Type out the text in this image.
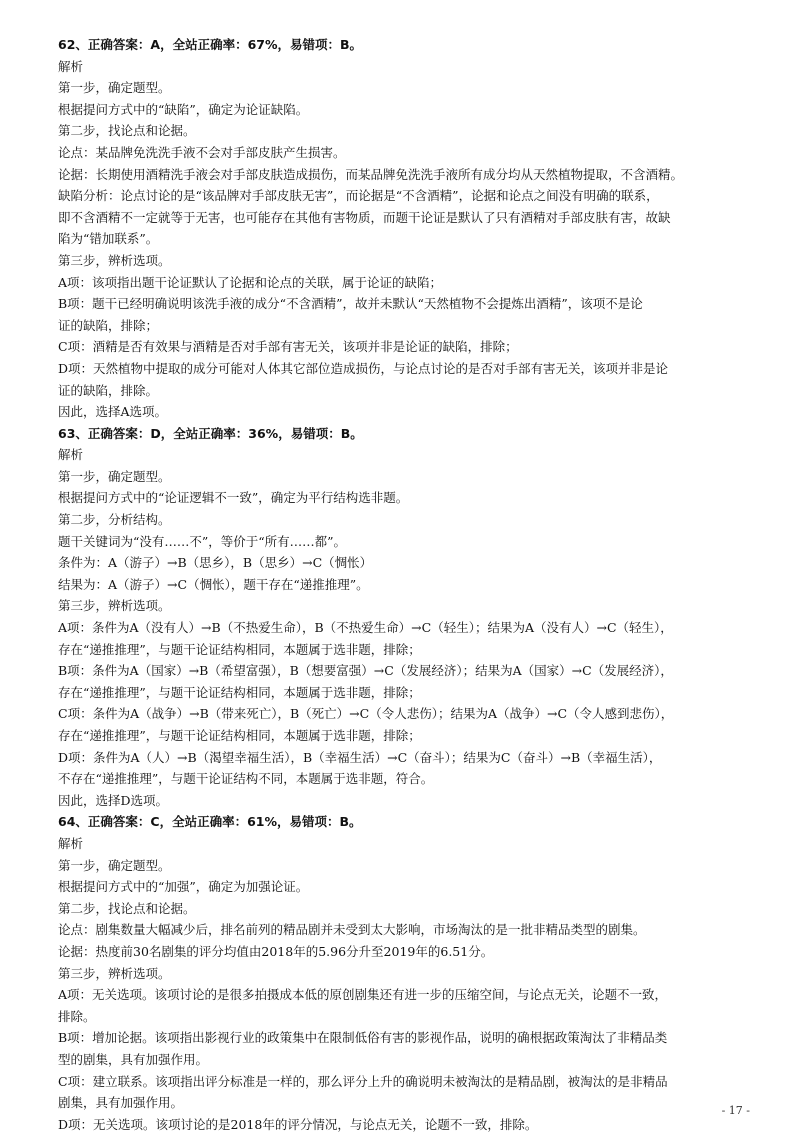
62、正确答案：A，全站正确率：67%，易错项：B。
解析
第一步，确定题型。
根据提问方式中的“缺陷”，确定为论证缺陷。
第二步，找论点和论据。
论点：某品牌免洗洗手液不会对手部皮肤产生损害。
论据：长期使用酒精洗手液会对手部皮肤造成损伤，而某品牌免洗洗手液所有成分均从天然植物提取，不含酒精。
缺陷分析：论点讨论的是“该品牌对手部皮肤无害”，而论据是“不含酒精”，论据和论点之间没有明确的联系，
即不含酒精不一定就等于无害，也可能存在其他有害物质，而题干论证是默认了只有酒精对手部皮肤有害，故缺
陷为“错加联系”。
第三步，辨析选项。
A项：该项指出题干论证默认了论据和论点的关联，属于论证的缺陷；
B项：题干已经明确说明该洗手液的成分“不含酒精”，故并未默认“天然植物不会提炼出酒精”，该项不是论
证的缺陷，排除；
C项：酒精是否有效果与酒精是否对手部有害无关，该项并非是论证的缺陷，排除；
D项：天然植物中提取的成分可能对人体其它部位造成损伤，与论点讨论的是否对手部有害无关，该项并非是论
证的缺陷，排除。
因此，选择A选项。
63、正确答案：D，全站正确率：36%，易错项：B。
解析
第一步，确定题型。
根据提问方式中的“论证逻辑不一致”，确定为平行结构选非题。
第二步，分析结构。
题干关键词为“没有……不”，等价于“所有……都”。
条件为：A（游子）→B（思乡），B（思乡）→C（惆怅）
结果为：A（游子）→C（惆怅），题干存在“递推推理”。
第三步，辨析选项。
A项：条件为A（没有人）→B（不热爱生命），B（不热爱生命）→C（轻生）；结果为A（没有人）→C（轻生），
存在“递推推理”，与题干论证结构相同，本题属于选非题，排除；
B项：条件为A（国家）→B（希望富强），B（想要富强）→C（发展经济）；结果为A（国家）→C（发展经济），
存在“递推推理”，与题干论证结构相同，本题属于选非题，排除；
C项：条件为A（战争）→B（带来死亡），B（死亡）→C（令人悲伤）；结果为A（战争）→C（令人感到悲伤），
存在“递推推理”，与题干论证结构相同，本题属于选非题，排除；
D项：条件为A（人）→B（渴望幸福生活），B（幸福生活）→C（奋斗）；结果为C（奋斗）→B（幸福生活），
不存在“递推推理”，与题干论证结构不同，本题属于选非题，符合。
因此，选择D选项。
64、正确答案：C，全站正确率：61%，易错项：B。
解析
第一步，确定题型。
根据提问方式中的“加强”，确定为加强论证。
第二步，找论点和论据。
论点：剧集数量大幅减少后，排名前列的精品剧并未受到太大影响，市场淘汰的是一批非精品类型的剧集。
论据：热度前30名剧集的评分均值由2018年的5.96分升至2019年的6.51分。
第三步，辨析选项。
A项：无关选项。该项讨论的是很多拍摄成本低的原创剧集还有进一步的压缩空间，与论点无关，论题不一致，
排除。
B项：增加论据。该项指出影视行业的政策集中在限制低俗有害的影视作品，说明的确根据政策淘汰了非精品类
型的剧集，具有加强作用。
C项：建立联系。该项指出评分标准是一样的，那么评分上升的确说明未被淘汰的是精品剧，被淘汰的是非精品
剧集，具有加强作用。
D项：无关选项。该项讨论的是2018年的评分情况，与论点无关，论题不一致，排除。
- 17 -
